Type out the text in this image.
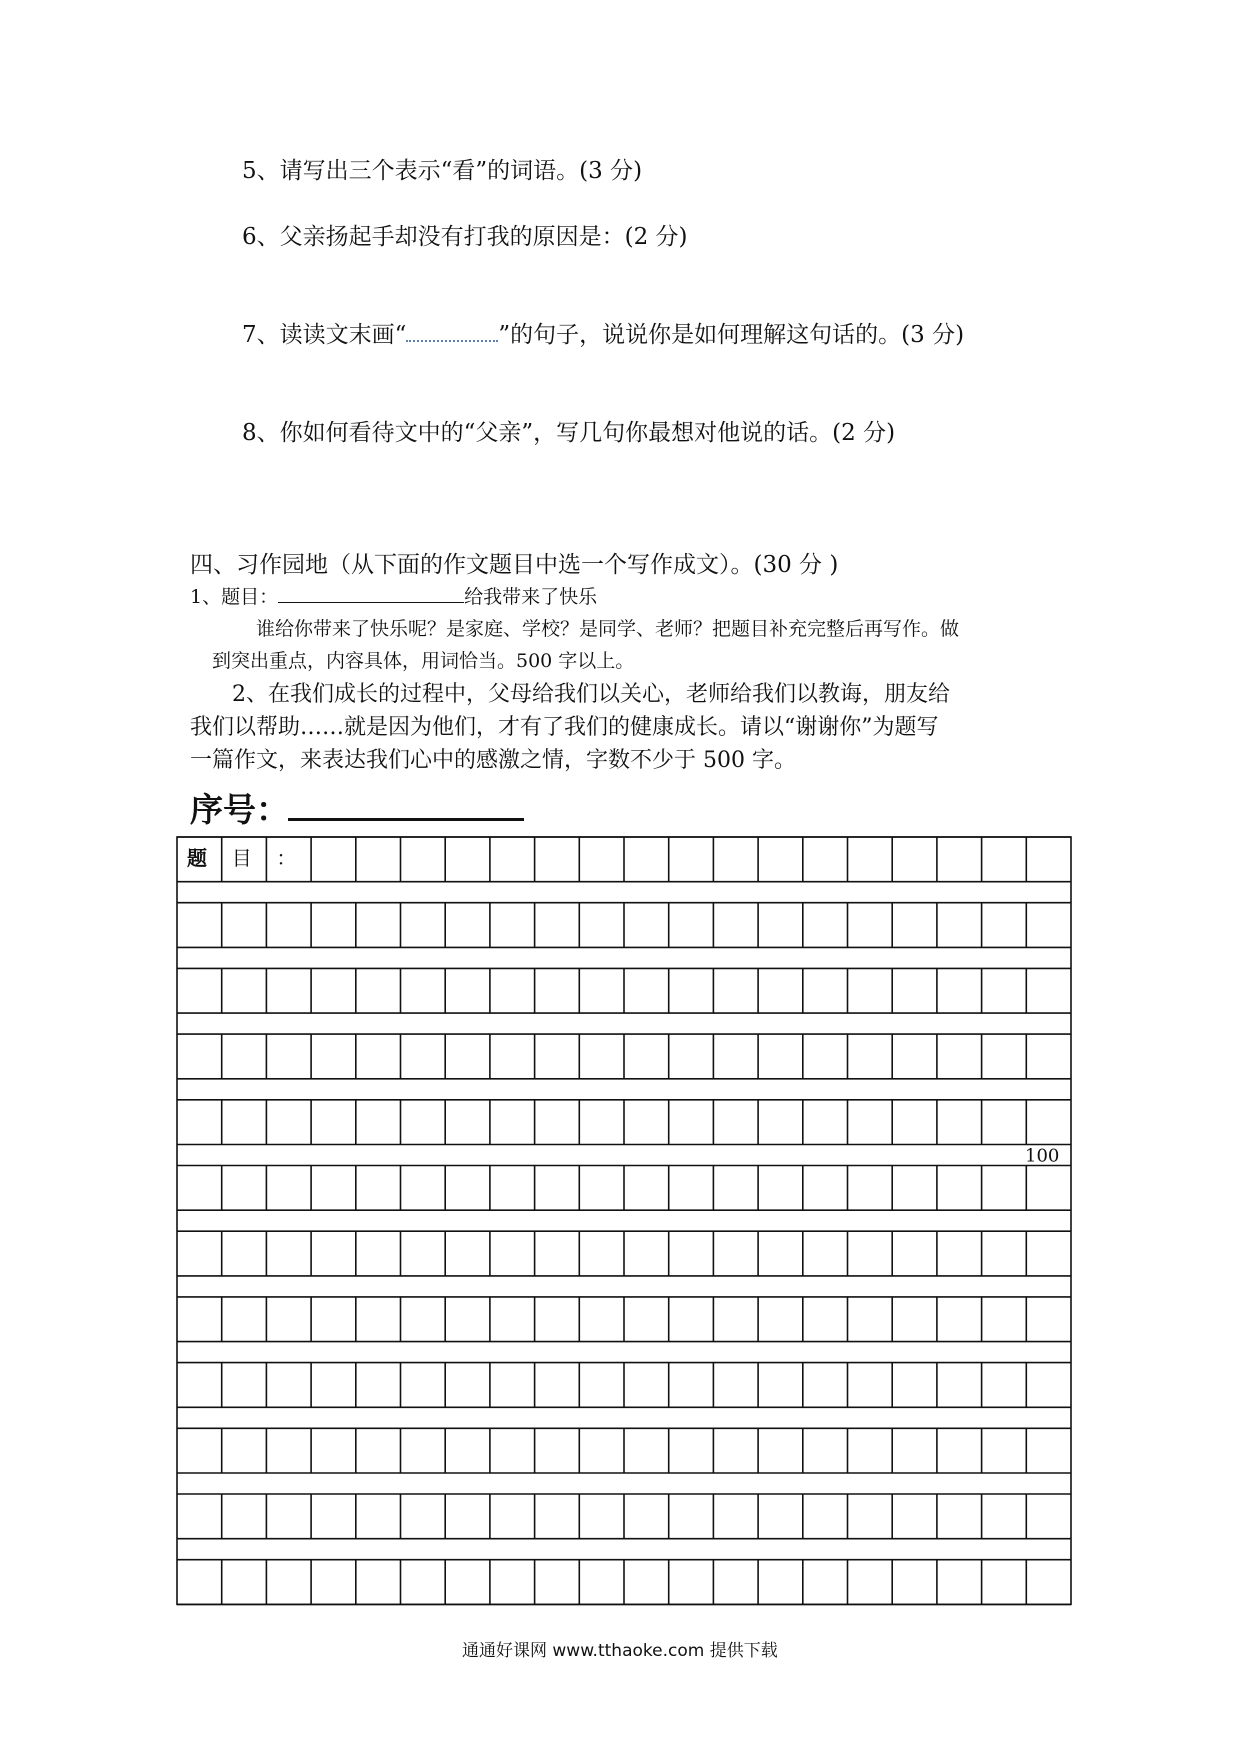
5、请写出三个表示“看”的词语。(3 分)
6、父亲扬起手却没有打我的原因是：(2 分)
7、读读文末画“	”的句子，说说你是如何理解这句话的。(3 分)
8、你如何看待文中的“父亲”，写几句你最想对他说的话。(2 分)
四、习作园地（从下面的作文题目中选一个写作成文）。(30 分 )
1、题目：	给我带来了快乐
谁给你带来了快乐呢？是家庭、学校？是同学、老师？把题目补充完整后再写作。做
到突出重点，内容具体，用词恰当。500 字以上。
2、在我们成长的过程中，父母给我们以关心，老师给我们以教诲，朋友给
我们以帮助……就是因为他们，才有了我们的健康成长。请以“谢谢你”为题写
一篇作文，来表达我们心中的感激之情，字数不少于 500 字。
序号：
题 目 ：
100
通通好课网 www.tthaoke.com 提供下载
